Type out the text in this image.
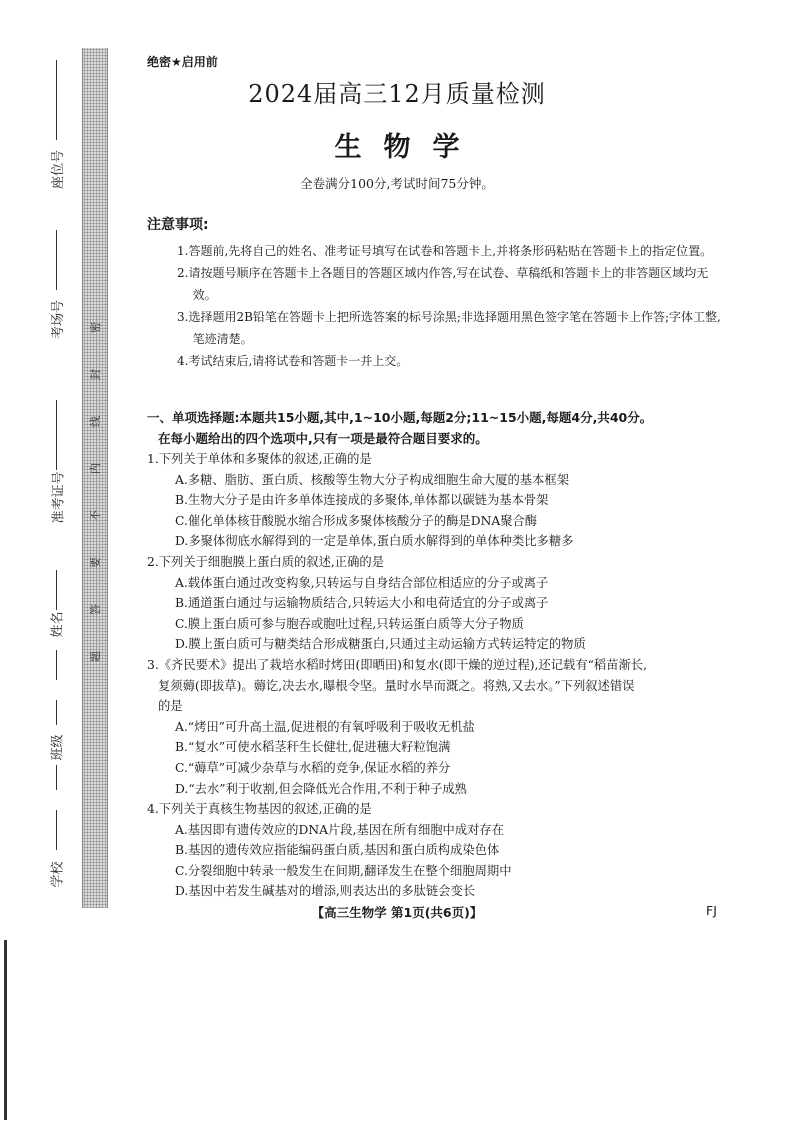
密
封
线
内
不
要
答
题
座位号
考场号
准考证号
姓名
班级
学校
绝密★启用前
2024届高三12月质量检测
生物学
全卷满分100分,考试时间75分钟。
注意事项:
1.答题前,先将自己的姓名、准考证号填写在试卷和答题卡上,并将条形码粘贴在答题卡上的指定位置。
2.请按题号顺序在答题卡上各题目的答题区域内作答,写在试卷、草稿纸和答题卡上的非答题区域均无效。
3.选择题用2B铅笔在答题卡上把所选答案的标号涂黑;非选择题用黑色签字笔在答题卡上作答;字体工整,笔迹清楚。
4.考试结束后,请将试卷和答题卡一并上交。
一、单项选择题:本题共15小题,其中,1~10小题,每题2分;11~15小题,每题4分,共40分。
在每小题给出的四个选项中,只有一项是最符合题目要求的。
1.下列关于单体和多聚体的叙述,正确的是
A.多糖、脂肪、蛋白质、核酸等生物大分子构成细胞生命大厦的基本框架
B.生物大分子是由许多单体连接成的多聚体,单体都以碳链为基本骨架
C.催化单体核苷酸脱水缩合形成多聚体核酸分子的酶是DNA聚合酶
D.多聚体彻底水解得到的一定是单体,蛋白质水解得到的单体种类比多糖多
2.下列关于细胞膜上蛋白质的叙述,正确的是
A.载体蛋白通过改变构象,只转运与自身结合部位相适应的分子或离子
B.通道蛋白通过与运输物质结合,只转运大小和电荷适宜的分子或离子
C.膜上蛋白质可参与胞吞或胞吐过程,只转运蛋白质等大分子物质
D.膜上蛋白质可与糖类结合形成糖蛋白,只通过主动运输方式转运特定的物质
3.《齐民要术》提出了栽培水稻时烤田(即晒田)和复水(即干燥的逆过程),还记载有“稻苗渐长,
复须薅(即拔草)。薅讫,决去水,曝根令坚。量时水旱而溉之。将熟,又去水。”下列叙述错误
的是
A.“烤田”可升高土温,促进根的有氧呼吸利于吸收无机盐
B.“复水”可使水稻茎秆生长健壮,促进穗大籽粒饱满
C.“薅草”可减少杂草与水稻的竞争,保证水稻的养分
D.“去水”利于收割,但会降低光合作用,不利于种子成熟
4.下列关于真核生物基因的叙述,正确的是
A.基因即有遗传效应的DNA片段,基因在所有细胞中成对存在
B.基因的遗传效应指能编码蛋白质,基因和蛋白质构成染色体
C.分裂细胞中转录一般发生在间期,翻译发生在整个细胞周期中
D.基因中若发生碱基对的增添,则表达出的多肽链会变长
【高三生物学 第1页(共6页)】	FJ
